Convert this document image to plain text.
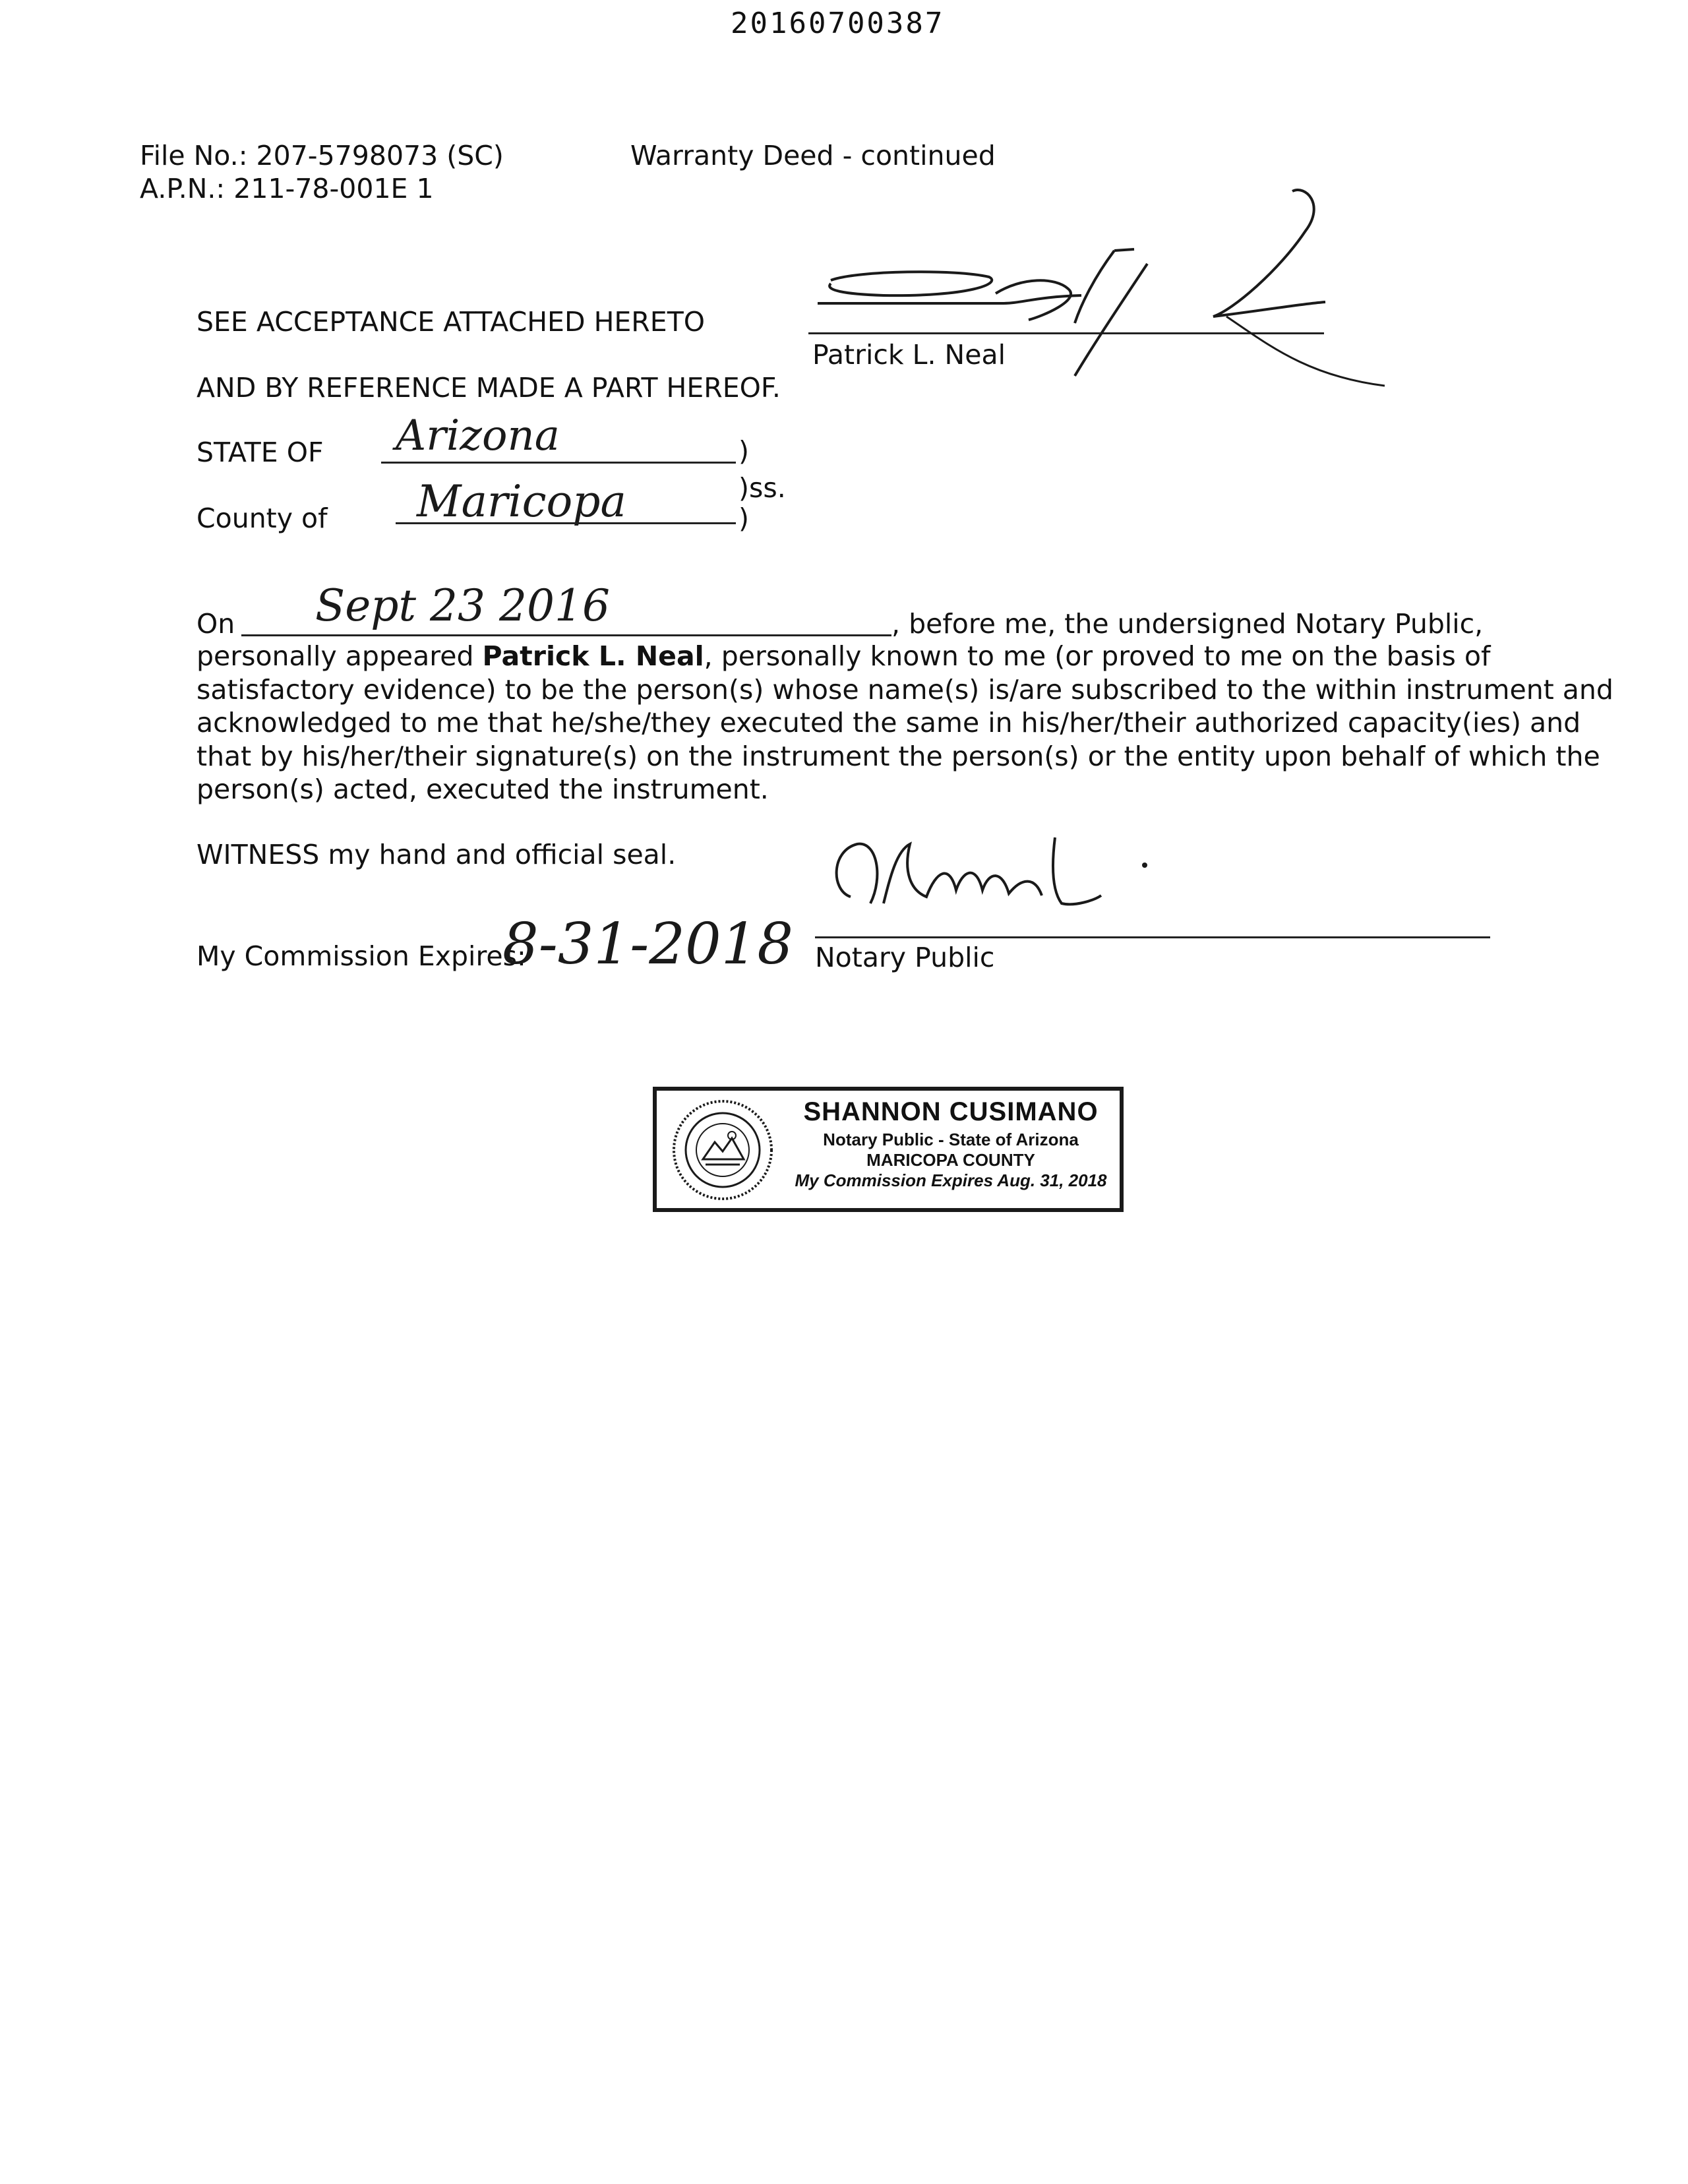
20160700387
File No.: 207-5798073 (SC)
A.P.N.: 211-78-001E 1
Warranty Deed - continued
SEE ACCEPTANCE ATTACHED HERETO
AND BY REFERENCE MADE A PART HEREOF.
Patrick L. Neal
STATE OF Arizona	)
)ss.
County of Maricopa	)
On Sept 23 2016	, before me, the undersigned Notary Public,

personally appeared Patrick L. Neal, personally known to me (or proved to me on the basis of

satisfactory evidence) to be the person(s) whose name(s) is/are subscribed to the within instrument and

acknowledged to me that he/she/they executed the same in his/her/their authorized capacity(ies) and

that by his/her/their signature(s) on the instrument the person(s) or the entity upon behalf of which the

person(s) acted, executed the instrument.

WITNESS my hand and official seal.
My Commission Expires:
8-31-2018 Notary Public
SHANNON CUSIMANO
Notary Public - State of Arizona
MARICOPA COUNTY
My Commission Expires Aug. 31, 2018
